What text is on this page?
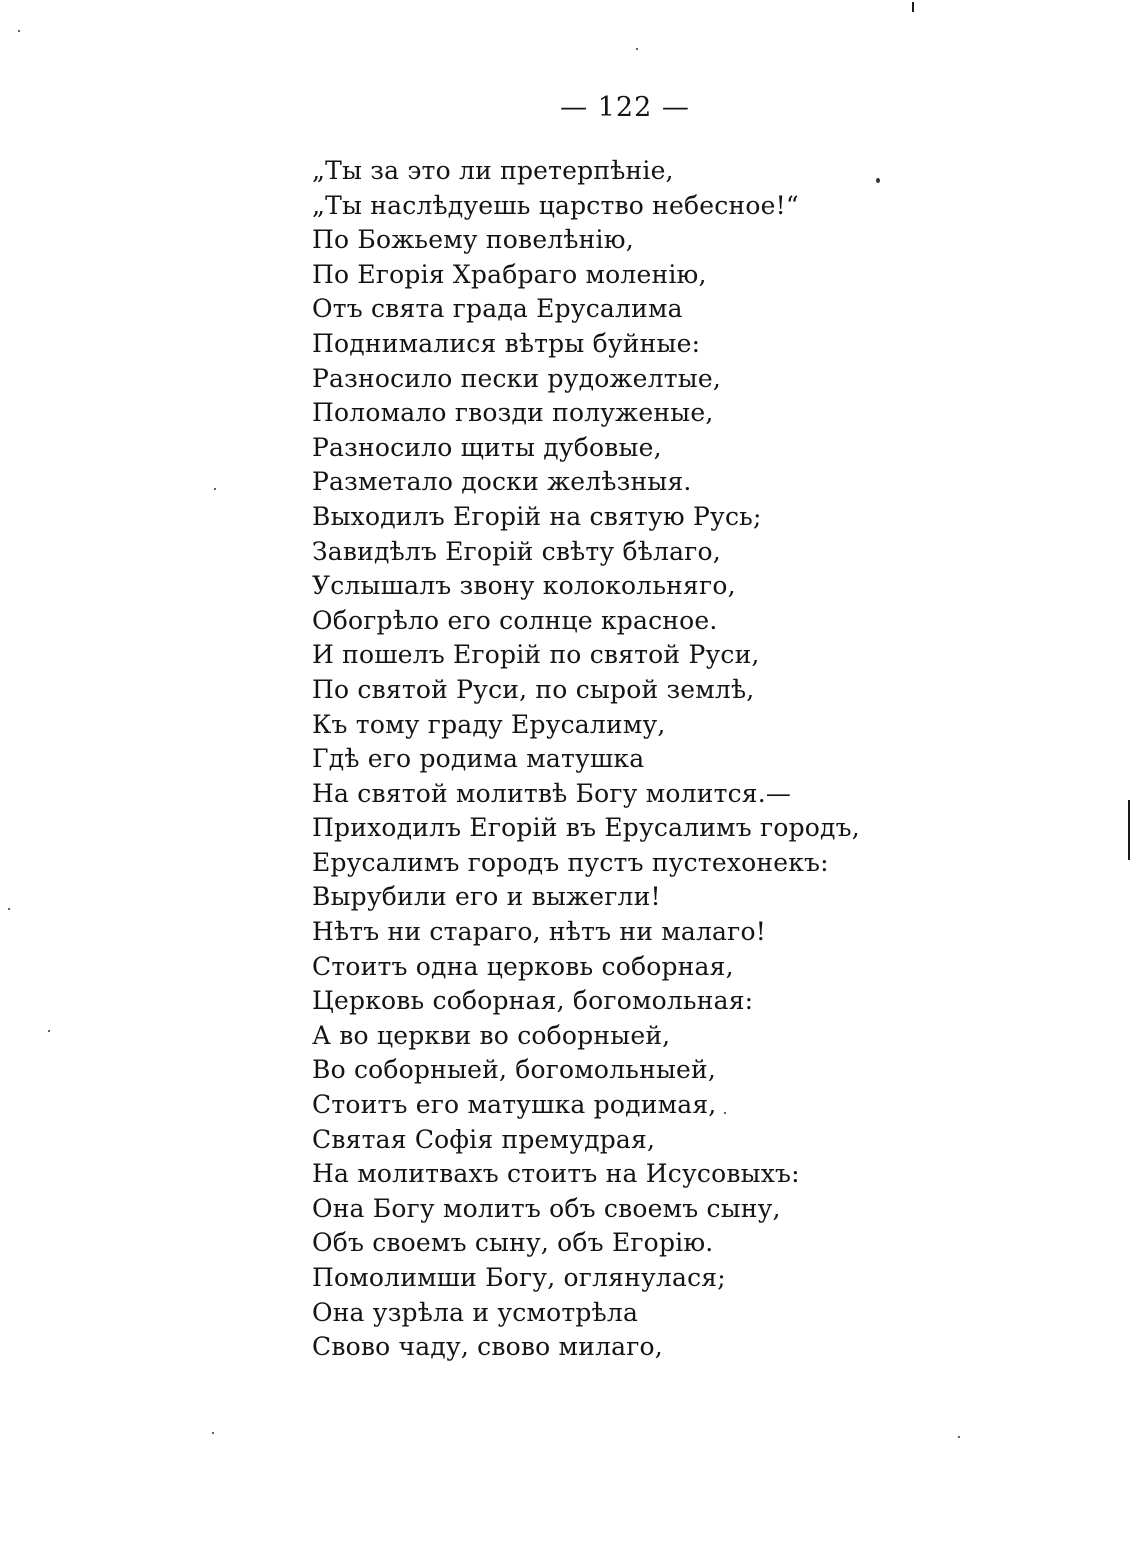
— 122 —
„Ты за это ли претерпѣніе,
„Ты наслѣдуешь царство небесное!“
По Божьему повелѣнію,
По Егорія Храбраго моленію,
Отъ свята града Ерусалима
Поднималися вѣтры буйные:
Разносило пески рудожелтые,
Поломало гвозди полуженые,
Разносило щиты дубовые,
Разметало доски желѣзныя.
Выходилъ Егорій на святую Русь;
Завидѣлъ Егорій свѣту бѣлаго,
Услышалъ звону колокольняго,
Обогрѣло его солнце красное.
И пошелъ Егорій по святой Руси,
По святой Руси, по сырой землѣ,
Къ тому граду Ерусалиму,
Гдѣ его родима матушка
На святой молитвѣ Богу молится.—
Приходилъ Егорій въ Ерусалимъ городъ,
Ерусалимъ городъ пустъ пустехонекъ:
Вырубили его и выжегли!
Нѣтъ ни стараго, нѣтъ ни малаго!
Стоитъ одна церковь соборная,
Церковь соборная, богомольная:
А во церкви во соборныей,
Во соборныей, богомольныей,
Стоитъ его матушка родимая,
Святая Софія премудрая,
На молитвахъ стоитъ на Исусовыхъ:
Она Богу молитъ объ своемъ сыну,
Объ своемъ сыну, объ Егорію.
Помолимши Богу, оглянулася;
Она узрѣла и усмотрѣла
Свово чаду, свово милаго,
